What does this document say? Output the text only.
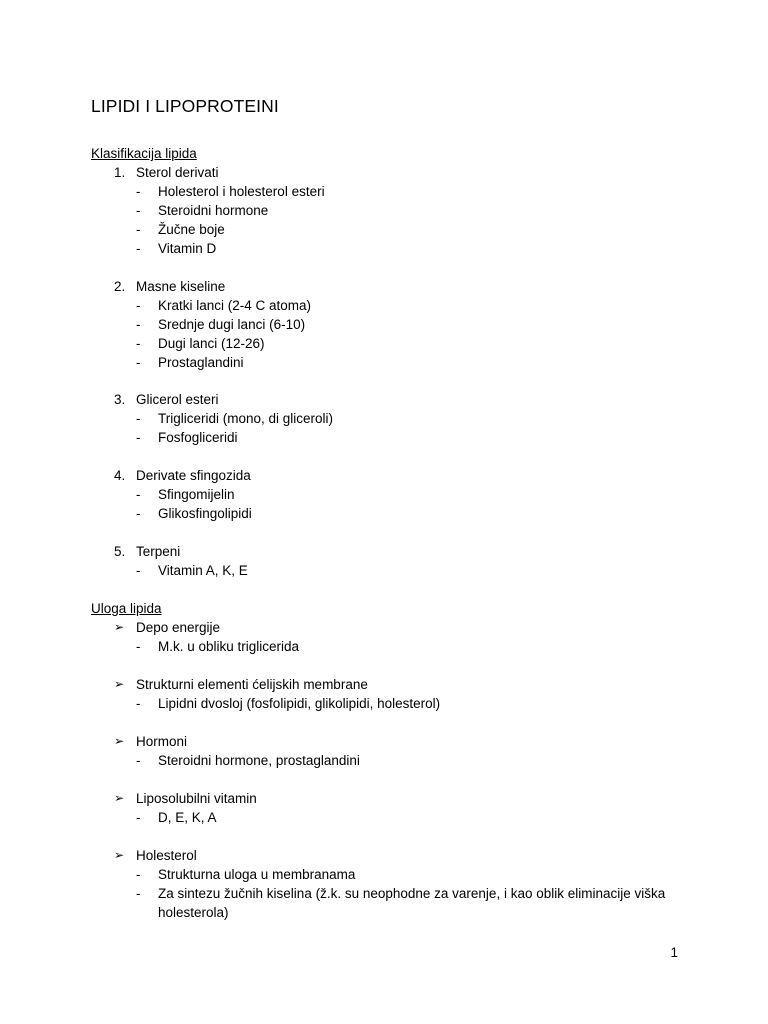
LIPIDI I LIPOPROTEINI
Klasifikacija lipida
1. Sterol derivati
- Holesterol i holesterol esteri
- Steroidni hormone
- Žučne boje
- Vitamin D
2. Masne kiseline
- Kratki lanci (2-4 C atoma)
- Srednje dugi lanci (6-10)
- Dugi lanci (12-26)
- Prostaglandini
3. Glicerol esteri
- Trigliceridi (mono, di gliceroli)
- Fosfogliceridi
4. Derivate sfingozida
- Sfingomijelin
- Glikosfingolipidi
5. Terpeni
- Vitamin A, K, E
Uloga lipida
➢ Depo energije
- M.k. u obliku triglicerida
➢ Strukturni elementi ćelijskih membrane
- Lipidni dvosloj (fosfolipidi, glikolipidi, holesterol)
➢ Hormoni
- Steroidni hormone, prostaglandini
➢ Liposolubilni vitamin
- D, E, K, A
➢ Holesterol
- Strukturna uloga u membranama
- Za sintezu žučnih kiselina (ž.k. su neophodne za varenje, i kao oblik eliminacije viška
holesterola)
1
